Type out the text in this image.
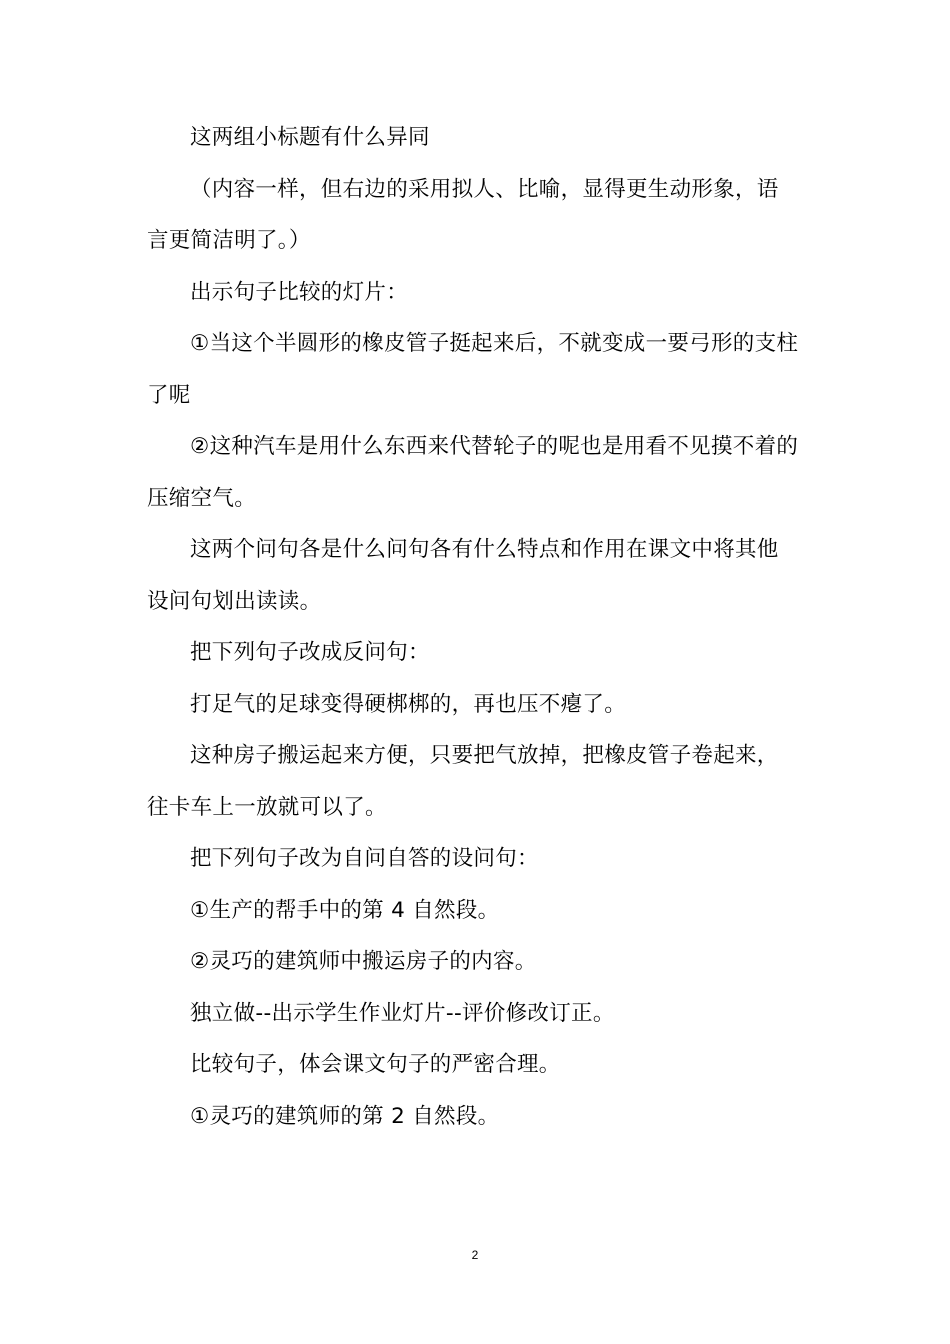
这两组小标题有什么异同

（内容一样，但右边的采用拟人、比喻，显得更生动形象，语言更简洁明了。）

出示句子比较的灯片：

①当这个半圆形的橡皮管子挺起来后，不就变成一要弓形的支柱了呢

②这种汽车是用什么东西来代替轮子的呢也是用看不见摸不着的压缩空气。

这两个问句各是什么问句各有什么特点和作用在课文中将其他设问句划出读读。

把下列句子改成反问句：

打足气的足球变得硬梆梆的，再也压不瘪了。

这种房子搬运起来方便，只要把气放掉，把橡皮管子卷起来，往卡车上一放就可以了。

把下列句子改为自问自答的设问句：

①生产的帮手中的第 4 自然段。

②灵巧的建筑师中搬运房子的内容。

独立做--出示学生作业灯片--评价修改订正。

比较句子，体会课文句子的严密合理。

①灵巧的建筑师的第 2 自然段。

2
